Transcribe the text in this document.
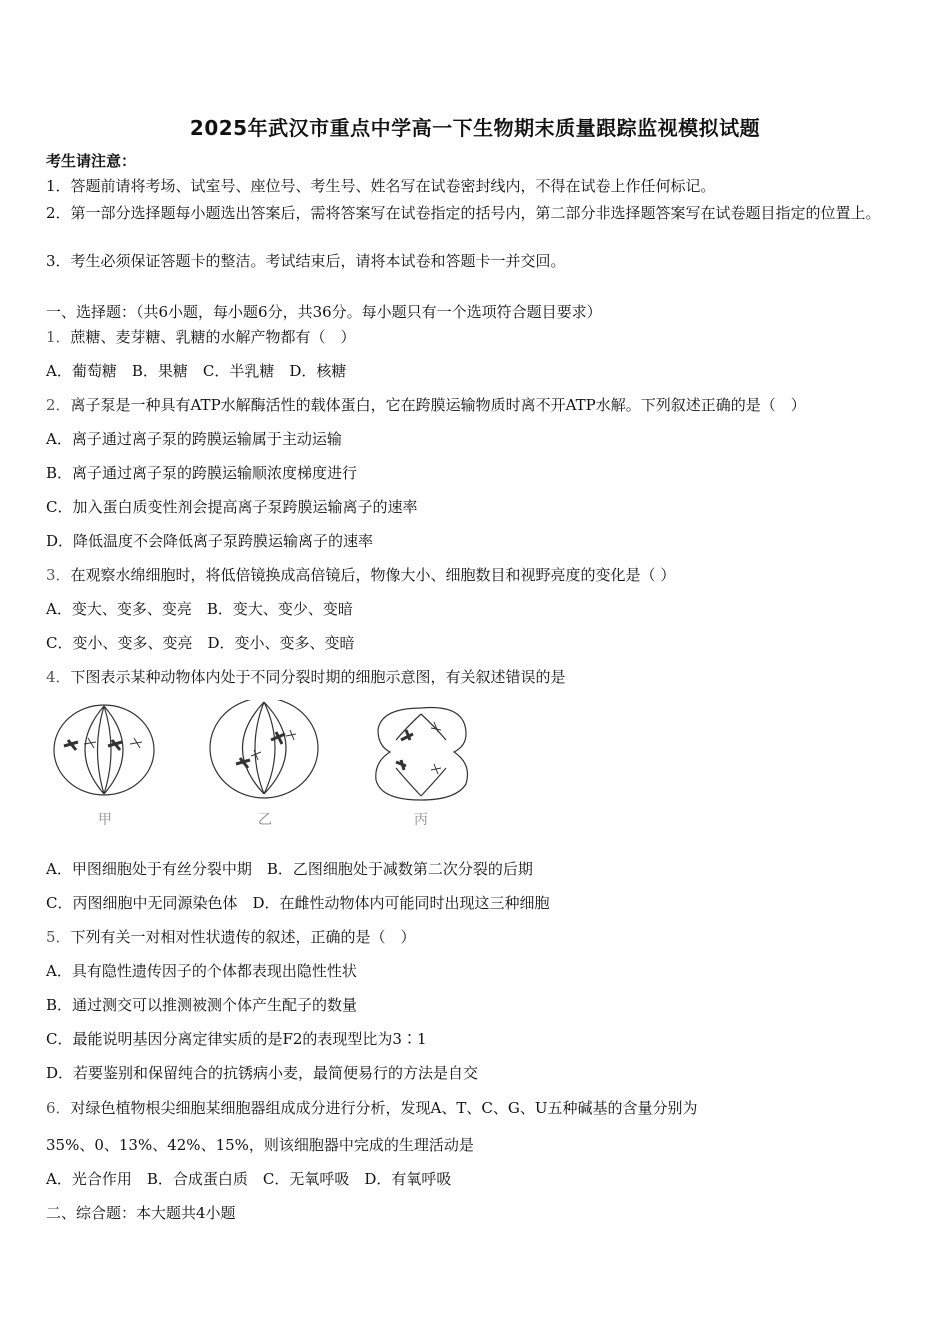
2025年武汉市重点中学高一下生物期末质量跟踪监视模拟试题
考生请注意：
1．答题前请将考场、试室号、座位号、考生号、姓名写在试卷密封线内，不得在试卷上作任何标记。
2．第一部分选择题每小题选出答案后，需将答案写在试卷指定的括号内，第二部分非选择题答案写在试卷题目指定的位置上。
3．考生必须保证答题卡的整洁。考试结束后，请将本试卷和答题卡一并交回。
一、选择题：（共6小题，每小题6分，共36分。每小题只有一个选项符合题目要求）
1．蔗糖、麦芽糖、乳糖的水解产物都有（　）
A．葡萄糖　B．果糖　C．半乳糖　D．核糖
2．离子泵是一种具有ATP水解酶活性的载体蛋白，它在跨膜运输物质时离不开ATP水解。下列叙述正确的是（　）
A．离子通过离子泵的跨膜运输属于主动运输
B．离子通过离子泵的跨膜运输顺浓度梯度进行
C．加入蛋白质变性剂会提高离子泵跨膜运输离子的速率
D．降低温度不会降低离子泵跨膜运输离子的速率
3．在观察水绵细胞时，将低倍镜换成高倍镜后，物像大小、细胞数目和视野亮度的变化是（ ）
A．变大、变多、变亮　B．变大、变少、变暗
C．变小、变多、变亮　D．变小、变多、变暗
4．下图表示某种动物体内处于不同分裂时期的细胞示意图，有关叙述错误的是
甲	乙	丙
A．甲图细胞处于有丝分裂中期　B．乙图细胞处于减数第二次分裂的后期
C．丙图细胞中无同源染色体　D．在雌性动物体内可能同时出现这三种细胞
5．下列有关一对相对性状遗传的叙述，正确的是（　）
A．具有隐性遗传因子的个体都表现出隐性性状
B．通过测交可以推测被测个体产生配子的数量
C．最能说明基因分离定律实质的是F2的表现型比为3∶1
D．若要鉴别和保留纯合的抗锈病小麦，最简便易行的方法是自交
6．对绿色植物根尖细胞某细胞器组成成分进行分析，发现A、T、C、G、U五种碱基的含量分别为
35%、0、13%、42%、15%，则该细胞器中完成的生理活动是
A．光合作用　B．合成蛋白质　C．无氧呼吸　D．有氧呼吸
二、综合题：本大题共4小题
